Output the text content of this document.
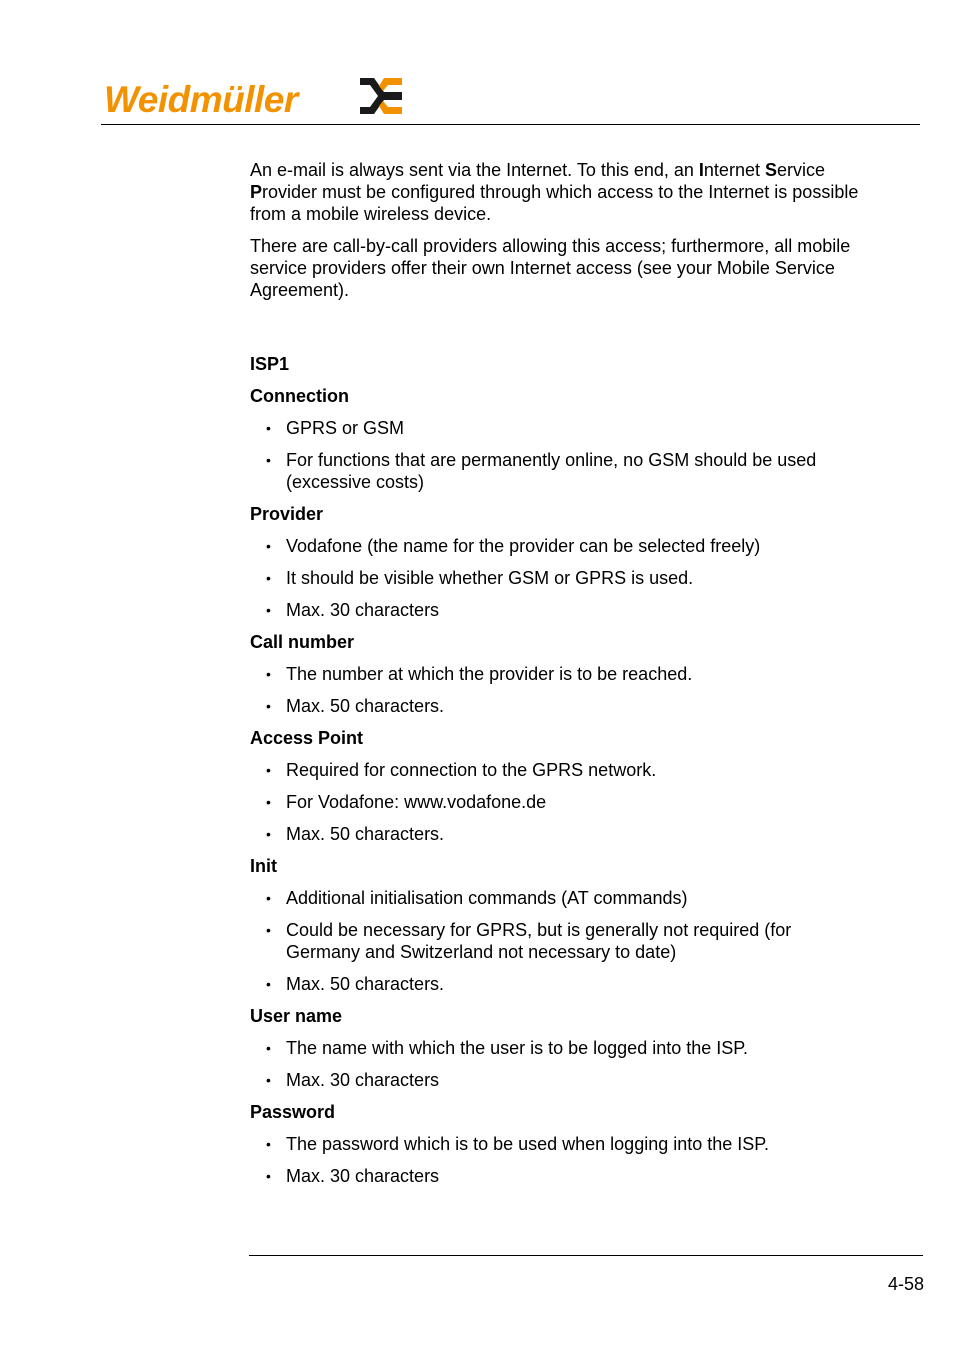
Weidmüller

An e-mail is always sent via the Internet. To this end, an Internet Service Provider must be configured through which access to the Internet is possible from a mobile wireless device.

There are call-by-call providers allowing this access; furthermore, all mobile service providers offer their own Internet access (see your Mobile Service Agreement).

ISP1
Connection
• GPRS or GSM
• For functions that are permanently online, no GSM should be used (excessive costs)
Provider
• Vodafone (the name for the provider can be selected freely)
• It should be visible whether GSM or GPRS is used.
• Max. 30 characters
Call number
• The number at which the provider is to be reached.
• Max. 50 characters.
Access Point
• Required for connection to the GPRS network.
• For Vodafone: www.vodafone.de
• Max. 50 characters.
Init
• Additional initialisation commands (AT commands)
• Could be necessary for GPRS, but is generally not required (for Germany and Switzerland not necessary to date)
• Max. 50 characters.
User name
• The name with which the user is to be logged into the ISP.
• Max. 30 characters
Password
• The password which is to be used when logging into the ISP.
• Max. 30 characters
4-58
